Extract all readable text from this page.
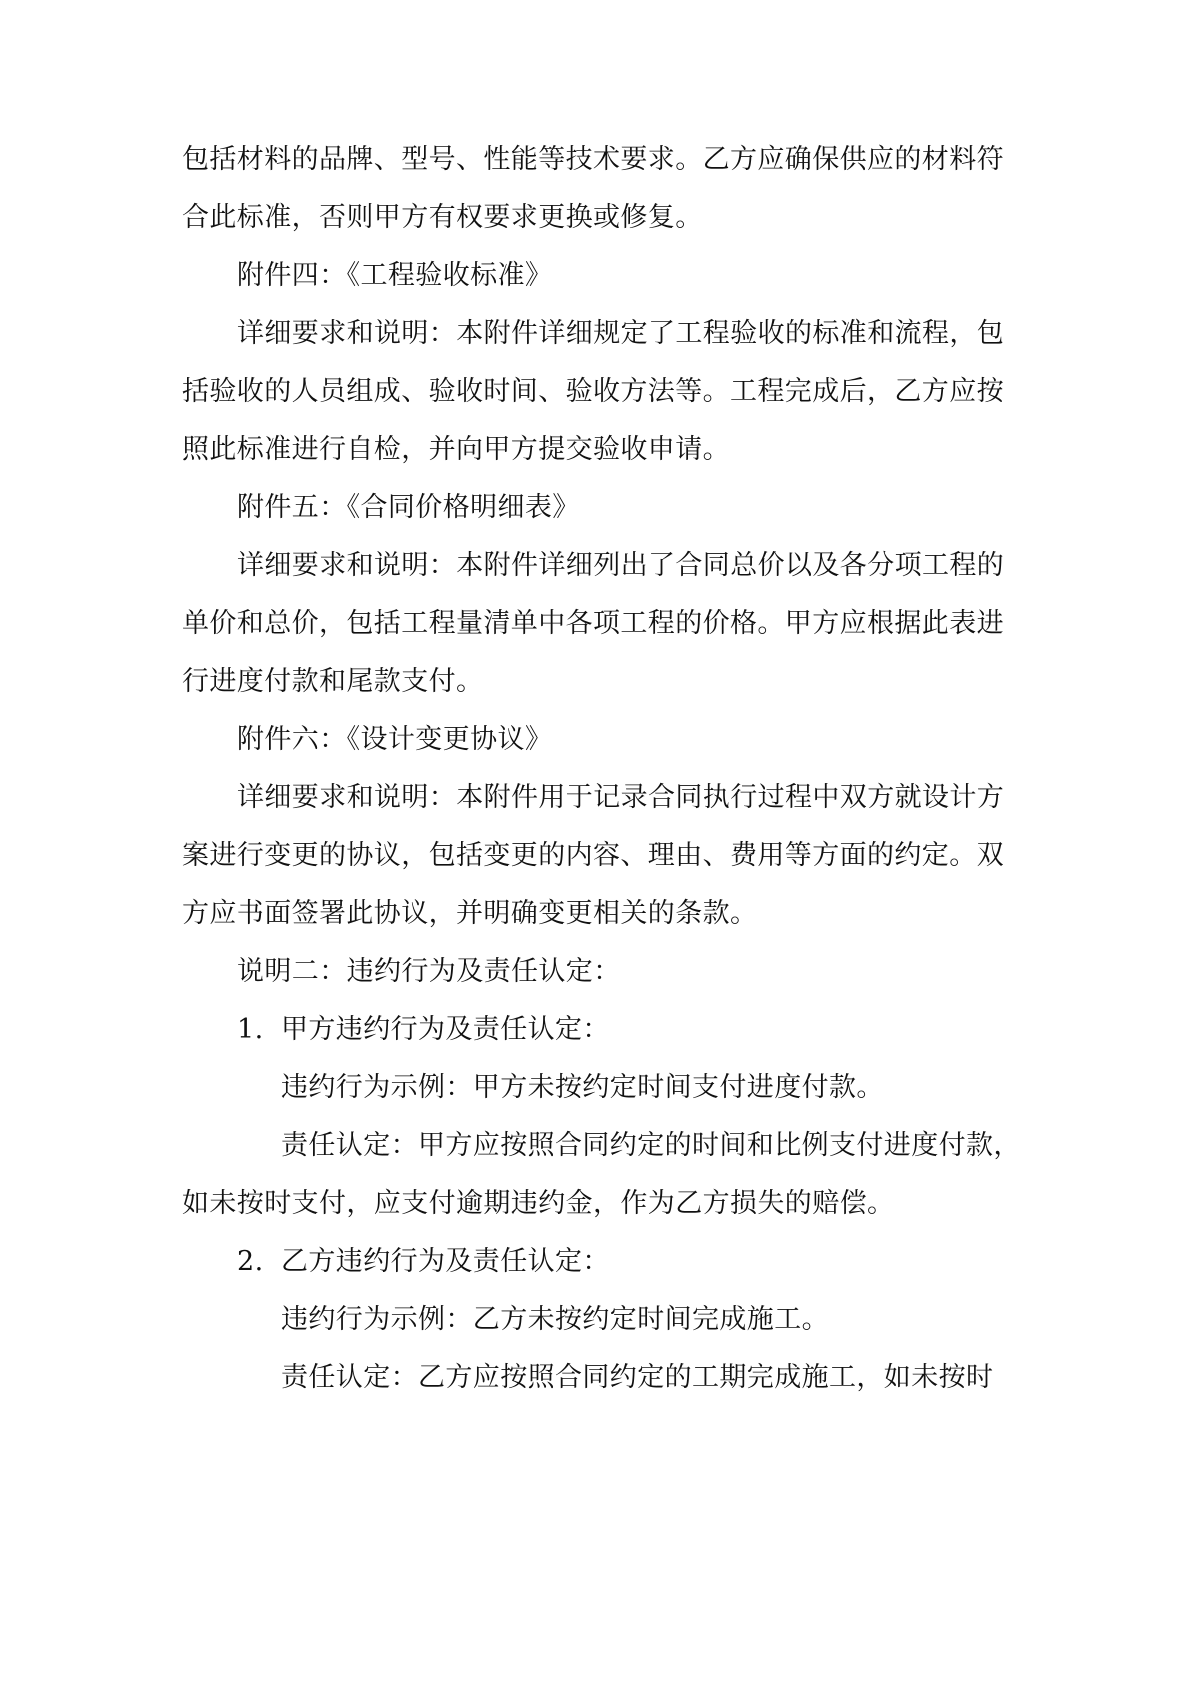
包括材料的品牌、型号、性能等技术要求。乙方应确保供应的材料符
合此标准，否则甲方有权要求更换或修复。
附件四：《工程验收标准》
详细要求和说明：本附件详细规定了工程验收的标准和流程，包
括验收的人员组成、验收时间、验收方法等。工程完成后，乙方应按
照此标准进行自检，并向甲方提交验收申请。
附件五：《合同价格明细表》
详细要求和说明：本附件详细列出了合同总价以及各分项工程的
单价和总价，包括工程量清单中各项工程的价格。甲方应根据此表进
行进度付款和尾款支付。
附件六：《设计变更协议》
详细要求和说明：本附件用于记录合同执行过程中双方就设计方
案进行变更的协议，包括变更的内容、理由、费用等方面的约定。双
方应书面签署此协议，并明确变更相关的条款。
说明二：违约行为及责任认定：
1. 甲方违约行为及责任认定：
违约行为示例：甲方未按约定时间支付进度付款。
责任认定：甲方应按照合同约定的时间和比例支付进度付款，
如未按时支付，应支付逾期违约金，作为乙方损失的赔偿。
2. 乙方违约行为及责任认定：
违约行为示例：乙方未按约定时间完成施工。
责任认定：乙方应按照合同约定的工期完成施工，如未按时
